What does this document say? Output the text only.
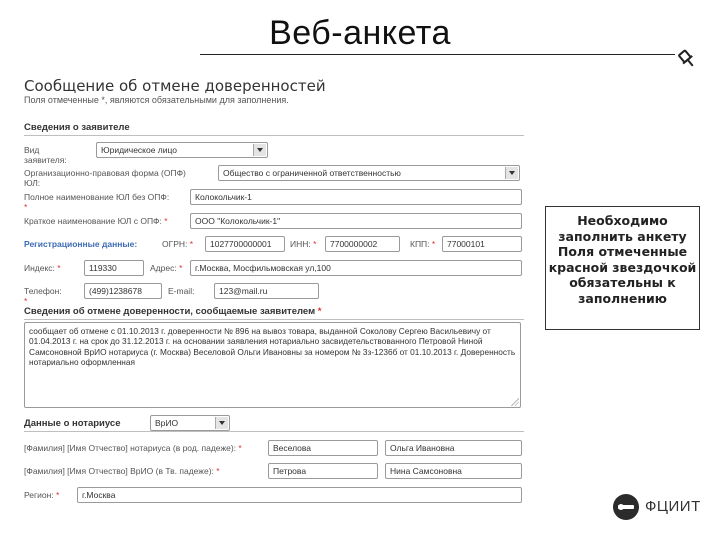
Веб-анкета
Сообщение об отмене доверенностей
Поля отмеченные *, являются обязательными для заполнения.
Сведения о заявителе
Вид
заявителя:
Юридическое лицо
Организационно-правовая форма (ОПФ)
ЮЛ:
Общество с ограниченной ответственностью
Полное наименование ЮЛ без ОПФ:
*
Колокольчик-1
Краткое наименование ЮЛ с ОПФ: *	ООО "Колокольчик-1"
Регистрационные данные:	ОГРН: *	1027700000001	ИНН: *	7700000002	КПП: *	77000101
Индекс: *	119330	Адрес: *	г.Москва, Мосфильмовская ул,100
Телефон:
*
(499)1238678	E-mail:	123@mail.ru
Сведения об отмене доверенности, сообщаемые заявителем *
сообщает об отмене с 01.10.2013 г. доверенности № 896 на вывоз товара, выданной Соколову Сергею Васильевичу от 01.04.2013 г. на срок до 31.12.2013 г. на основании заявления нотариально засвидетельствованного Петровой Ниной Самсоновной ВрИО нотариуса (г. Москва) Веселовой Ольги Ивановны за номером № 3з-1236б от 01.10.2013 г. Доверенность нотариально оформленная
Данные о нотариусе	ВрИО
[Фамилия] [Имя Отчество] нотариуса (в род. падеже): *	Веселова	Ольга Ивановна
[Фамилия] [Имя Отчество] ВрИО (в Тв. падеже): *	Петрова	Нина Самсоновна
Регион: *	г.Москва
Необходимо заполнить анкету Поля отмеченные красной звездочкой обязательны к заполнению
ФЦИИТ
